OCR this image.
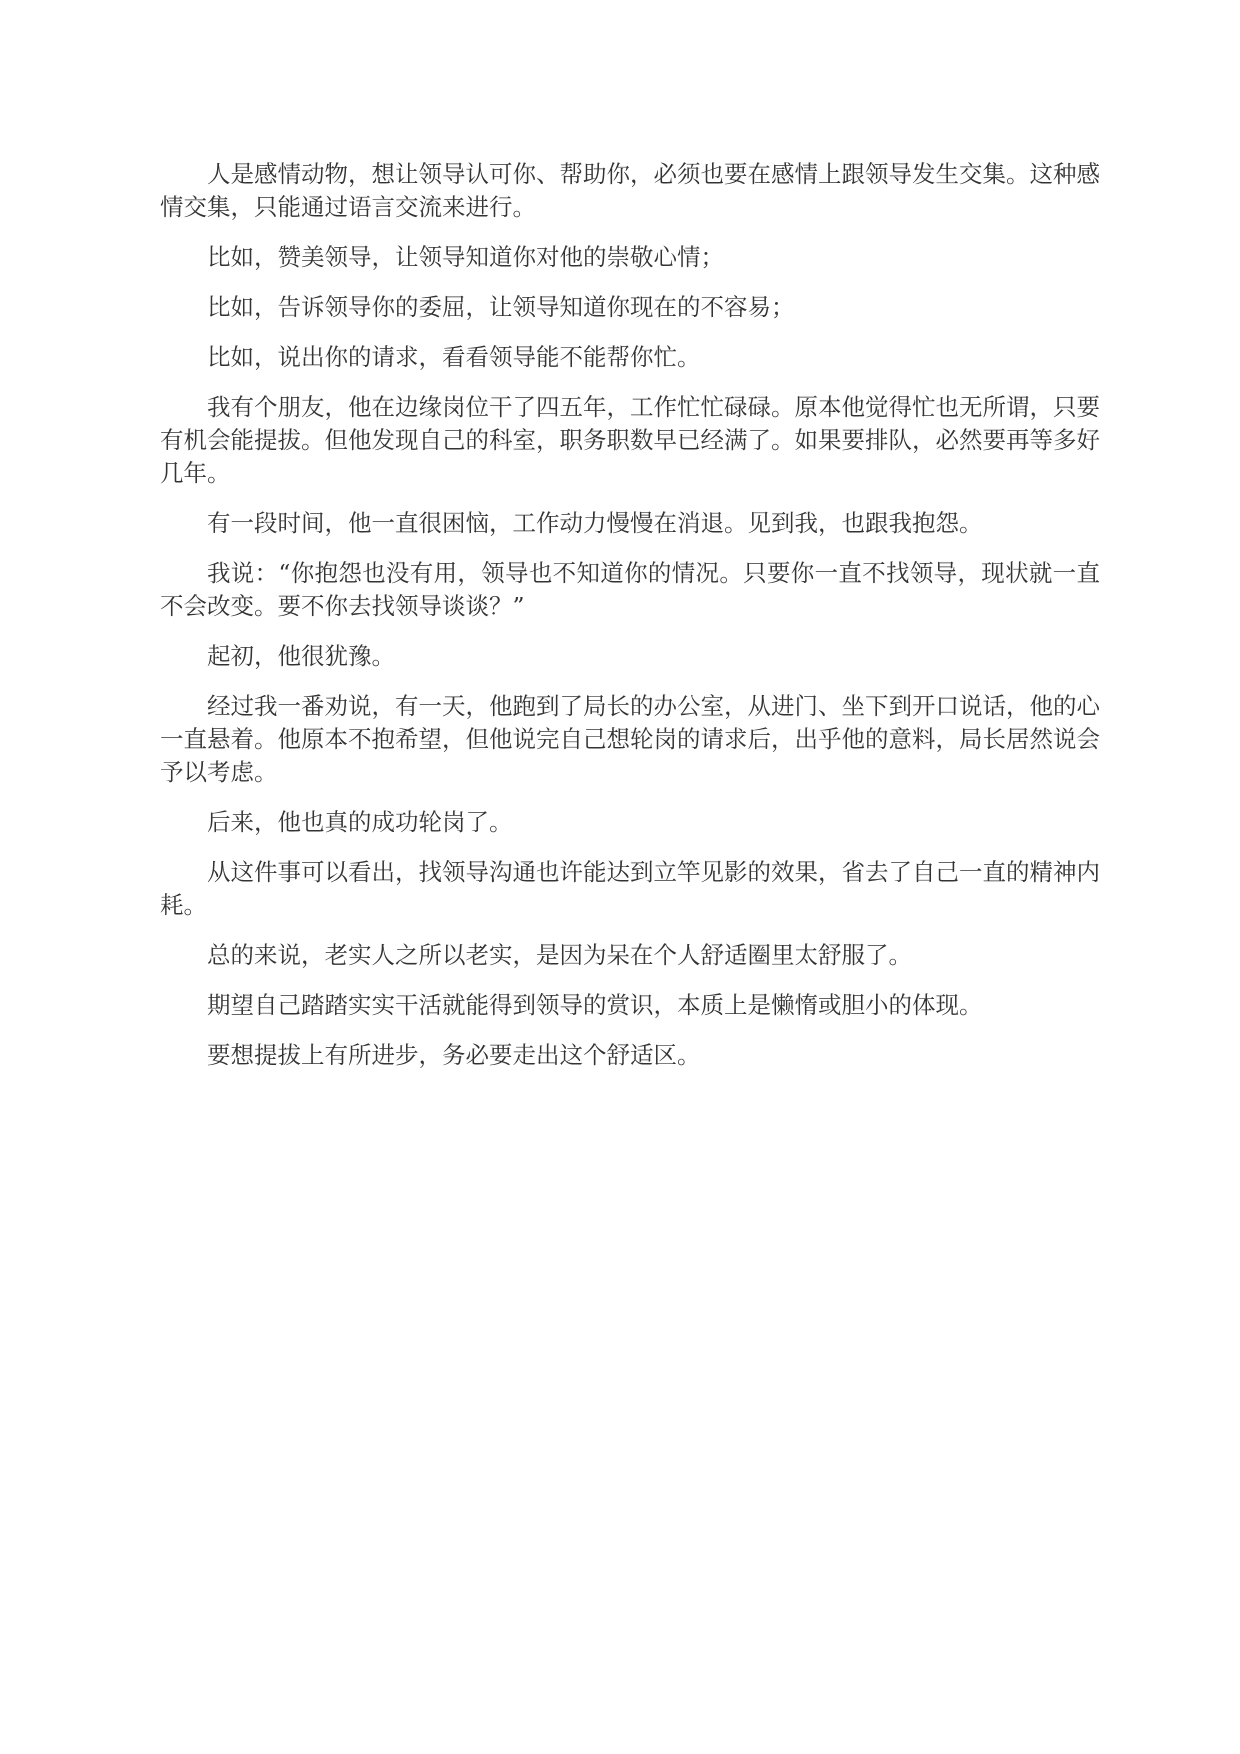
人是感情动物，想让领导认可你、帮助你，必须也要在感情上跟领导发生交集。这种感情交集，只能通过语言交流来进行。

比如，赞美领导，让领导知道你对他的崇敬心情；

比如，告诉领导你的委屈，让领导知道你现在的不容易；

比如，说出你的请求，看看领导能不能帮你忙。

我有个朋友，他在边缘岗位干了四五年，工作忙忙碌碌。原本他觉得忙也无所谓，只要有机会能提拔。但他发现自己的科室，职务职数早已经满了。如果要排队，必然要再等多好几年。

有一段时间，他一直很困恼，工作动力慢慢在消退。见到我，也跟我抱怨。

我说：“你抱怨也没有用，领导也不知道你的情况。只要你一直不找领导，现状就一直不会改变。要不你去找领导谈谈？”

起初，他很犹豫。

经过我一番劝说，有一天，他跑到了局长的办公室，从进门、坐下到开口说话，他的心一直悬着。他原本不抱希望，但他说完自己想轮岗的请求后，出乎他的意料，局长居然说会予以考虑。

后来，他也真的成功轮岗了。

从这件事可以看出，找领导沟通也许能达到立竿见影的效果，省去了自己一直的精神内耗。

总的来说，老实人之所以老实，是因为呆在个人舒适圈里太舒服了。

期望自己踏踏实实干活就能得到领导的赏识，本质上是懒惰或胆小的体现。

要想提拔上有所进步，务必要走出这个舒适区。
